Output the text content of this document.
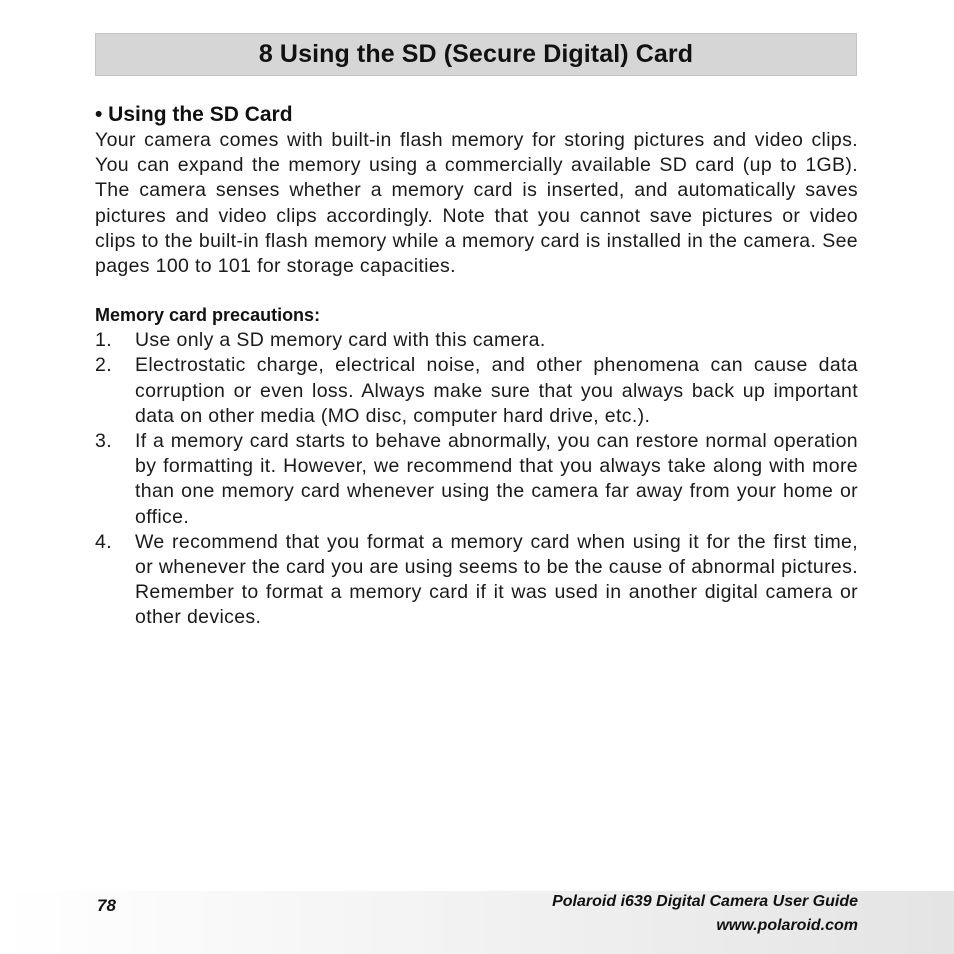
8 Using the SD (Secure Digital) Card

• Using the SD Card

Your camera comes with built-in flash memory for storing pictures and video clips. You can expand the memory using a commercially available SD card (up to 1GB). The camera senses whether a memory card is inserted, and automatically saves pictures and video clips accordingly. Note that you cannot save pictures or video clips to the built-in flash memory while a memory card is installed in the camera. See pages 100 to 101 for storage capacities.

Memory card precautions:

1.	Use only a SD memory card with this camera.
2.	Electrostatic charge, electrical noise, and other phenomena can cause data corruption or even loss. Always make sure that you always back up important data on other media (MO disc, computer hard drive, etc.).
3.	If a memory card starts to behave abnormally, you can restore normal operation by formatting it. However, we recommend that you always take along with more than one memory card whenever using the camera far away from your home or office.
4.	We recommend that you format a memory card when using it for the first time, or whenever the card you are using seems to be the cause of abnormal pictures. Remember to format a memory card if it was used in another digital camera or other devices.
78	Polaroid i639 Digital Camera User Guide
www.polaroid.com
